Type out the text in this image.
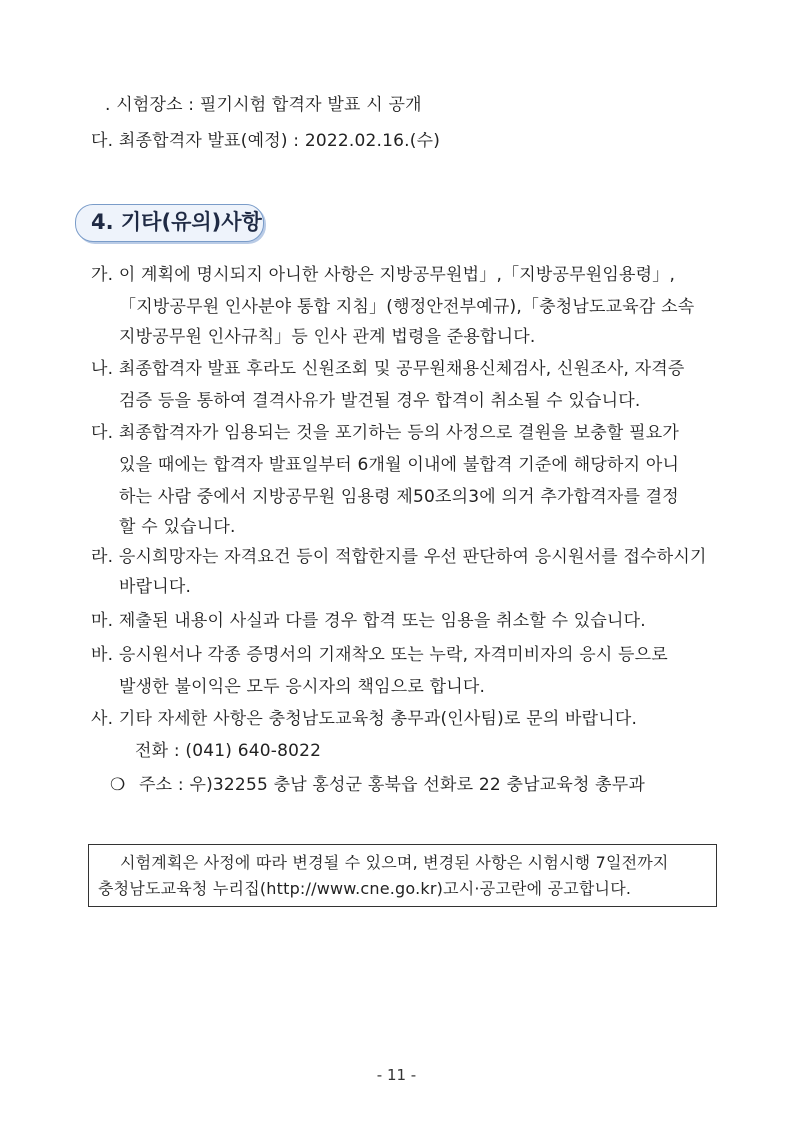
. 시험장소 : 필기시험 합격자 발표 시 공개
다. 최종합격자 발표(예정) : 2022.02.16.(수)
4. 기타(유의)사항
가. 이 계획에 명시되지 아니한 사항은 지방공무원법」,「지방공무원임용령」,
「지방공무원 인사분야 통합 지침」(행정안전부예규),「충청남도교육감 소속
지방공무원 인사규칙」등 인사 관계 법령을 준용합니다.
나. 최종합격자 발표 후라도 신원조회 및 공무원채용신체검사, 신원조사, 자격증
검증 등을 통하여 결격사유가 발견될 경우 합격이 취소될 수 있습니다.
다. 최종합격자가 임용되는 것을 포기하는 등의 사정으로 결원을 보충할 필요가
있을 때에는 합격자 발표일부터 6개월 이내에 불합격 기준에 해당하지 아니
하는 사람 중에서 지방공무원 임용령 제50조의3에 의거 추가합격자를 결정
할 수 있습니다.
라. 응시희망자는 자격요건 등이 적합한지를 우선 판단하여 응시원서를 접수하시기
바랍니다.
마. 제출된 내용이 사실과 다를 경우 합격 또는 임용을 취소할 수 있습니다.
바. 응시원서나 각종 증명서의 기재착오 또는 누락, 자격미비자의 응시 등으로
발생한 불이익은 모두 응시자의 책임으로 합니다.
사. 기타 자세한 사항은 충청남도교육청 총무과(인사팀)로 문의 바랍니다.
전화 : (041) 640-8022
❍ 주소 : 우)32255 충남 홍성군 홍북읍 선화로 22 충남교육청 총무과
시험계획은 사정에 따라 변경될 수 있으며, 변경된 사항은 시험시행 7일전까지
충청남도교육청 누리집(http://www.cne.go.kr)고시·공고란에 공고합니다.
- 11 -
